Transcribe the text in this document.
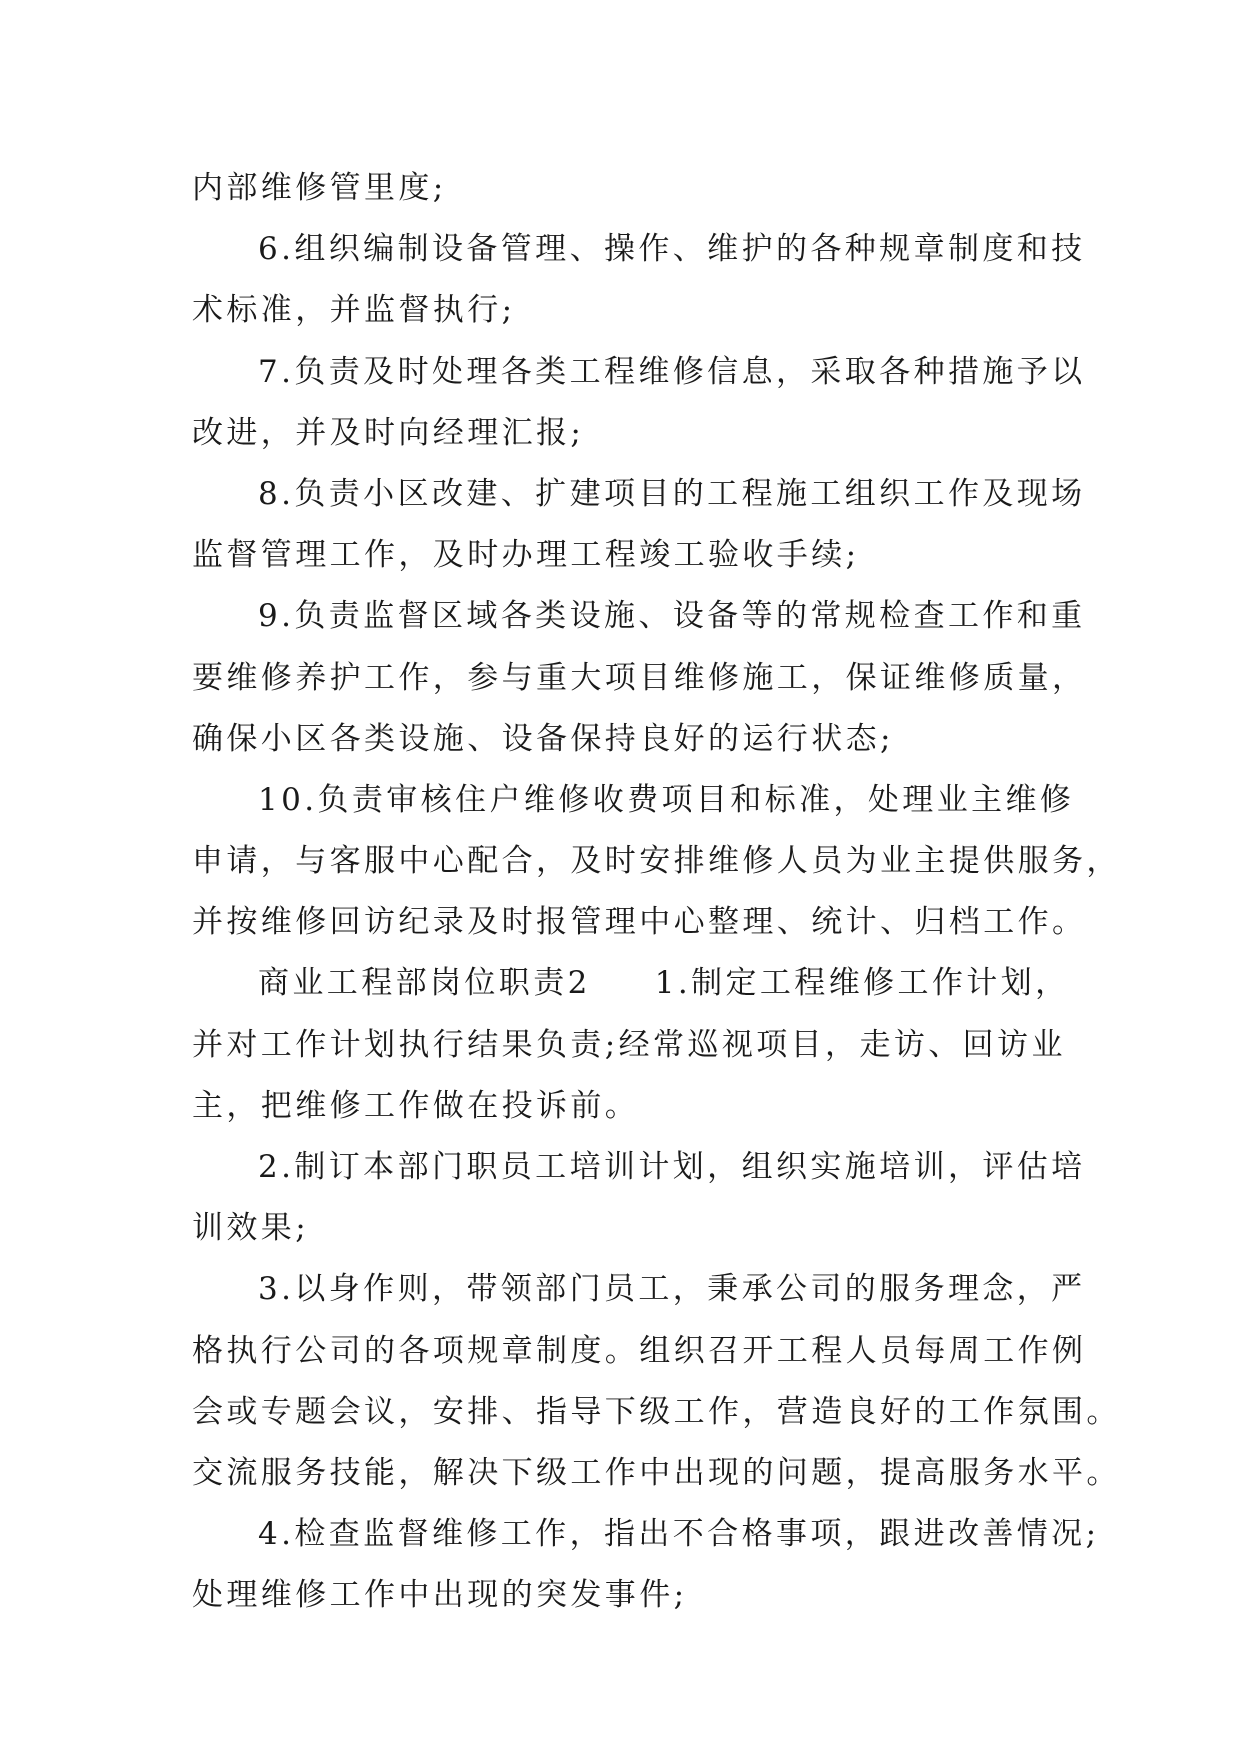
内部维修管里度;
6.组织编制设备管理、操作、维护的各种规章制度和技
术标准，并监督执行;
7.负责及时处理各类工程维修信息，采取各种措施予以
改进，并及时向经理汇报;
8.负责小区改建、扩建项目的工程施工组织工作及现场
监督管理工作，及时办理工程竣工验收手续;
9.负责监督区域各类设施、设备等的常规检查工作和重
要维修养护工作，参与重大项目维修施工，保证维修质量，
确保小区各类设施、设备保持良好的运行状态;
10.负责审核住户维修收费项目和标准，处理业主维修
申请，与客服中心配合，及时安排维修人员为业主提供服务，
并按维修回访纪录及时报管理中心整理、统计、归档工作。
商业工程部岗位职责2 1.制定工程维修工作计划，
并对工作计划执行结果负责;经常巡视项目，走访、回访业
主，把维修工作做在投诉前。
2.制订本部门职员工培训计划，组织实施培训，评估培
训效果;
3.以身作则，带领部门员工，秉承公司的服务理念，严
格执行公司的各项规章制度。组织召开工程人员每周工作例
会或专题会议，安排、指导下级工作，营造良好的工作氛围。
交流服务技能，解决下级工作中出现的问题，提高服务水平。
4.检查监督维修工作，指出不合格事项，跟进改善情况;
处理维修工作中出现的突发事件;
